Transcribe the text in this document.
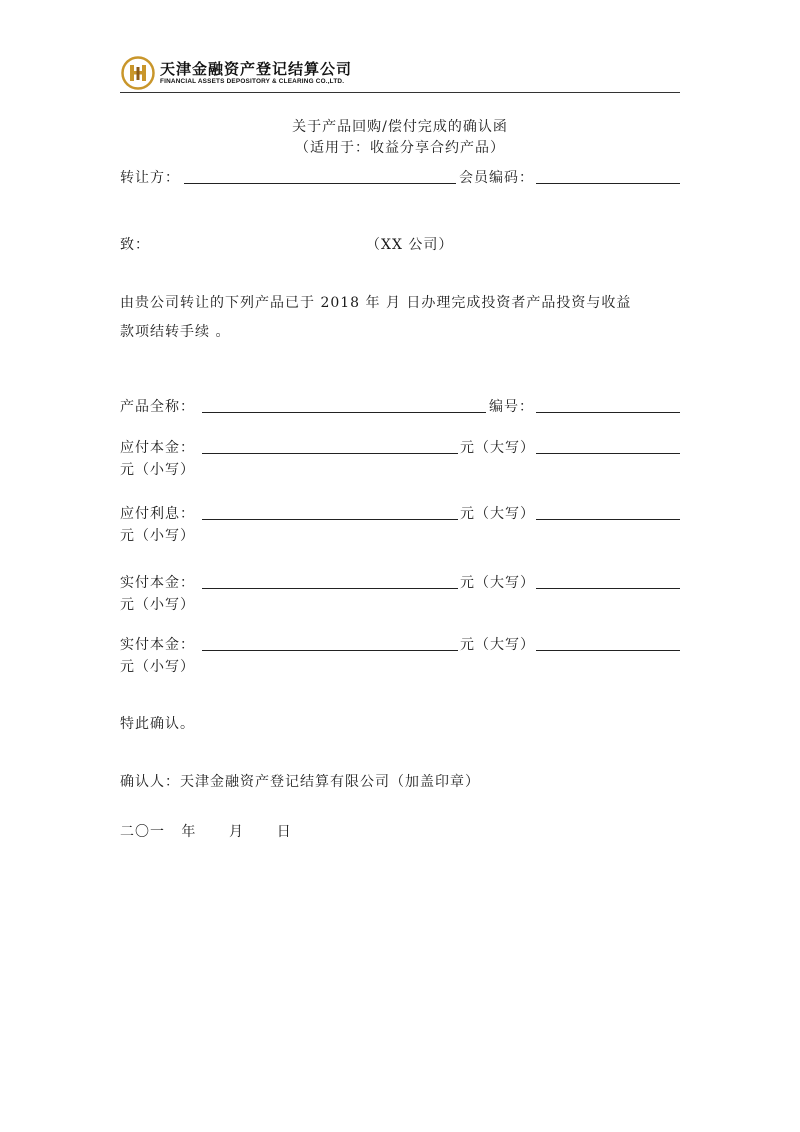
天津金融资产登记结算公司
FINANCIAL ASSETS DEPOSITORY & CLEARING CO.,LTD.
关于产品回购/偿付完成的确认函
（适用于：收益分享合约产品）
转让方：	会员编码：
致：	（XX 公司）
由贵公司转让的下列产品已于 2018 年 月 日办理完成投资者产品投资与收益
款项结转手续 。
产品全称：	编号：
应付本金：	元（大写）
元（小写）
应付利息：	元（大写）
元（小写）
实付本金：	元（大写）
元（小写）
实付本金：	元（大写）
元（小写）
特此确认。
确认人：天津金融资产登记结算有限公司（加盖印章）
二〇一   年      月      日
